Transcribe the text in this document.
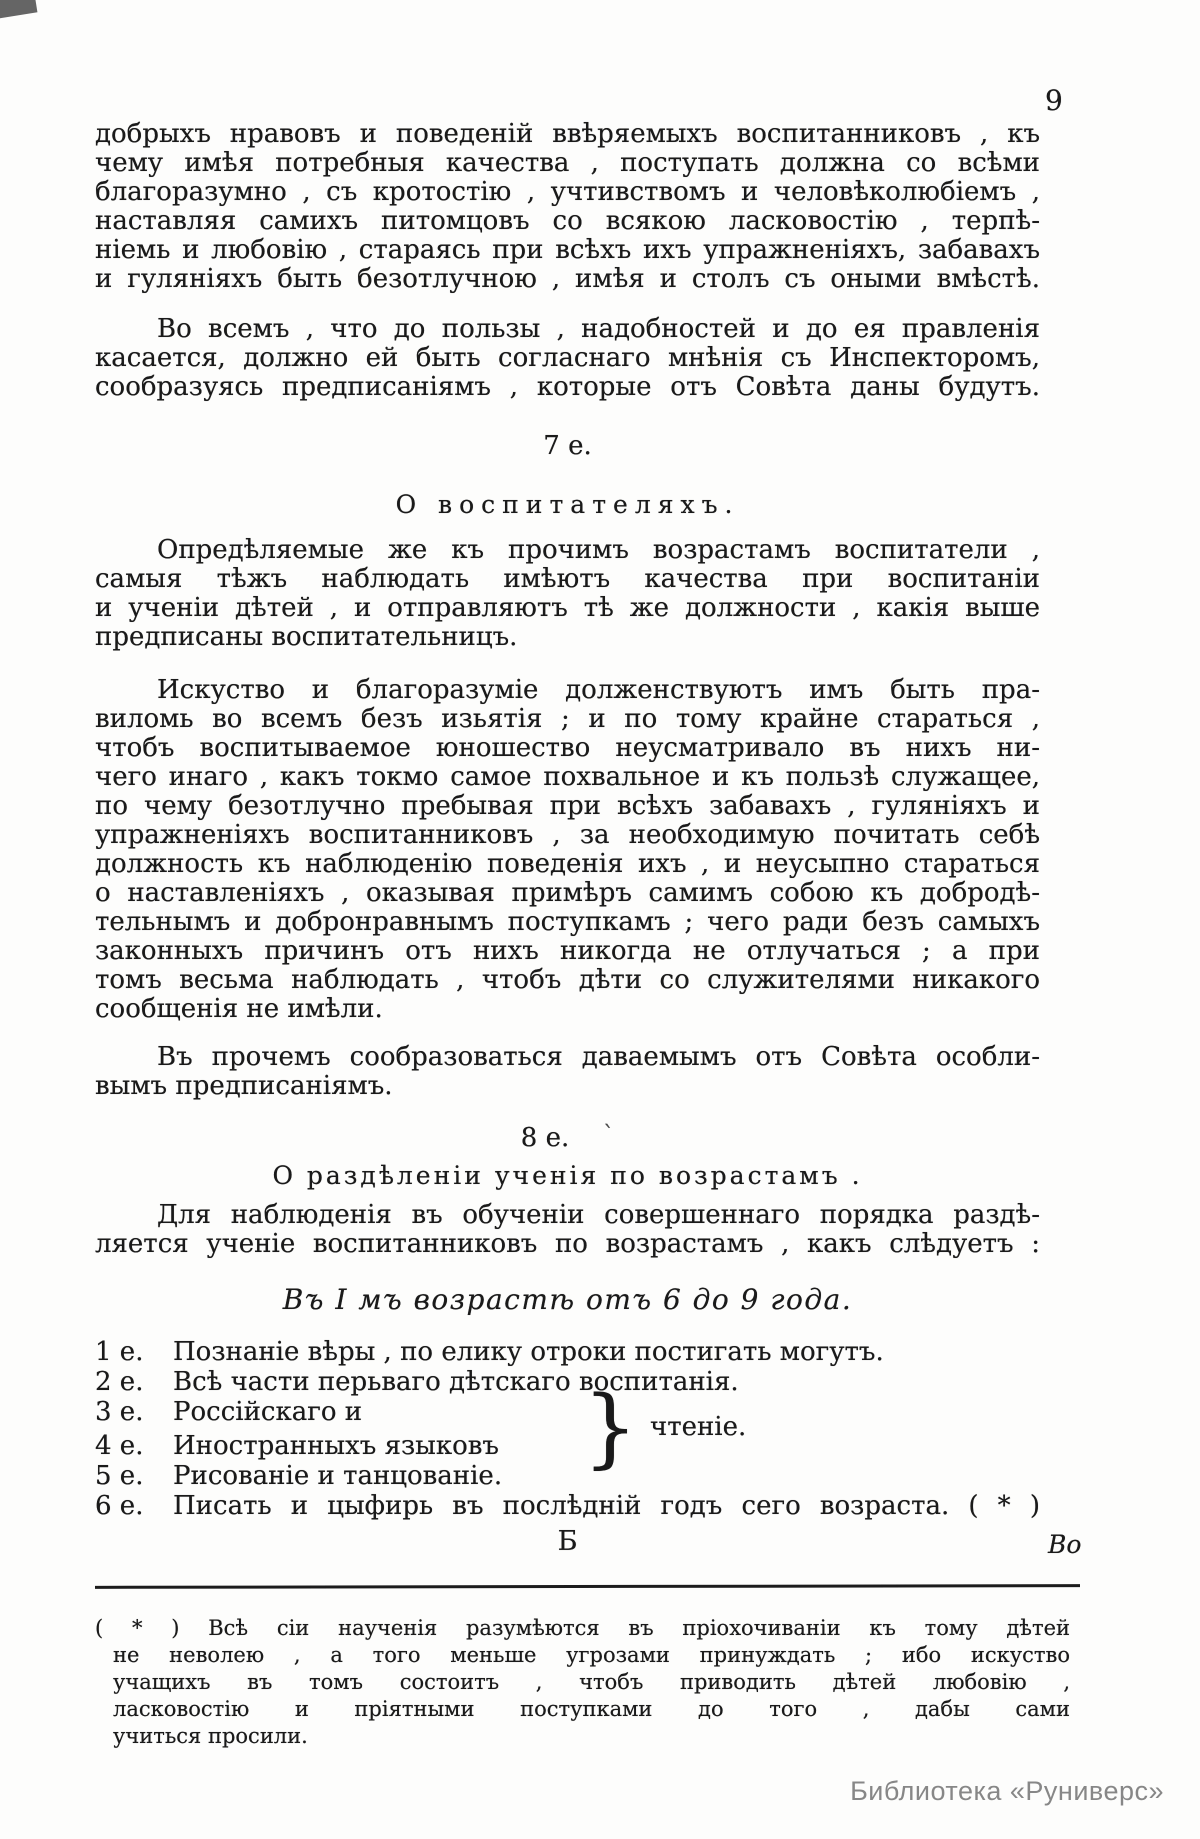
9
добрыхъ нравовъ и поведеній ввѣряемыхъ воспитанниковъ , къ
чему имѣя потребныя качества , поступать должна со всѣми
благоразумно , съ кротостію , учтивствомъ и человѣколюбіемъ ,
наставляя самихъ питомцовъ со всякою ласковостію , терпѣ-
ніемь и любовію , стараясь при всѣхъ ихъ упражненіяхъ, забавахъ
и гуляніяхъ быть безотлучною , имѣя и столъ съ оными вмѣстѣ.
Во всемъ , что до пользы , надобностей и до ея правленія
касается, должно ей быть согласнаго мнѣнія съ Инспекторомъ,
сообразуясь предписаніямъ , которые отъ Совѣта даны будутъ.
7 е.
О воспитателяхъ.
Опредѣляемые же къ прочимъ возрастамъ воспитатели ,
самыя тѣжъ наблюдать имѣютъ качества при воспитаніи
и ученіи дѣтей , и отправляютъ тѣ же должности , какія выше
предписаны воспитательницъ.
Искуство и благоразуміе долженствуютъ имъ быть пра-
виломь во всемъ безъ изьятія ; и по тому крайне стараться ,
чтобъ воспитываемое юношество неусматривало въ нихъ ни-
чего инаго , какъ токмо самое похвальное и къ пользѣ служащее,
по чему безотлучно пребывая при всѣхъ забавахъ , гуляніяхъ и
упражненіяхъ воспитанниковъ , за необходимую почитать себѣ
должность къ наблюденію поведенія ихъ , и неусыпно стараться
о наставленіяхъ , оказывая примѣръ самимъ собою къ добродѣ-
тельнымъ и добронравнымъ поступкамъ ; чего ради безъ самыхъ
законныхъ причинъ отъ нихъ никогда не отлучаться ; а при
томъ весьма наблюдать , чтобъ дѣти со служителями никакого
сообщенія не имѣли.
Въ прочемъ сообразоваться даваемымъ отъ Совѣта особли-
вымъ предписаніямъ.
8 е. $^ˋ$
О раздѣленіи ученія по возрастамъ .
Для наблюденія въ обученіи совершеннаго порядка раздѣ-
ляется ученіе воспитанниковъ по возрастамъ , какъ слѣдуетъ :
Въ I мъ возрастѣ отъ 6 до 9 года.
1 е.	Познаніе вѣры , по елику отроки постигать могутъ.
2 е.	Всѣ части перьваго дѣтскаго воспитанія.
3 е.	Россійскаго и
4 е.	Иностранныхъ языковъ
5 е.	Рисованіе и танцованіе.
6 е.	Писать и цыфирь въ послѣдній годъ сего возраста. ( * )
} чтеніе.
Б	Во
( * ) Всѣ сіи наученія разумѣются въ пріохочиваніи къ тому дѣтей
не неволею , а того меньше угрозами принуждать ; ибо искуство
учащихъ въ томъ состоитъ , чтобъ приводить дѣтей любовію ,
ласковостію и пріятными поступками до того , дабы сами
учиться просили.
Библиотека «Руниверс»
